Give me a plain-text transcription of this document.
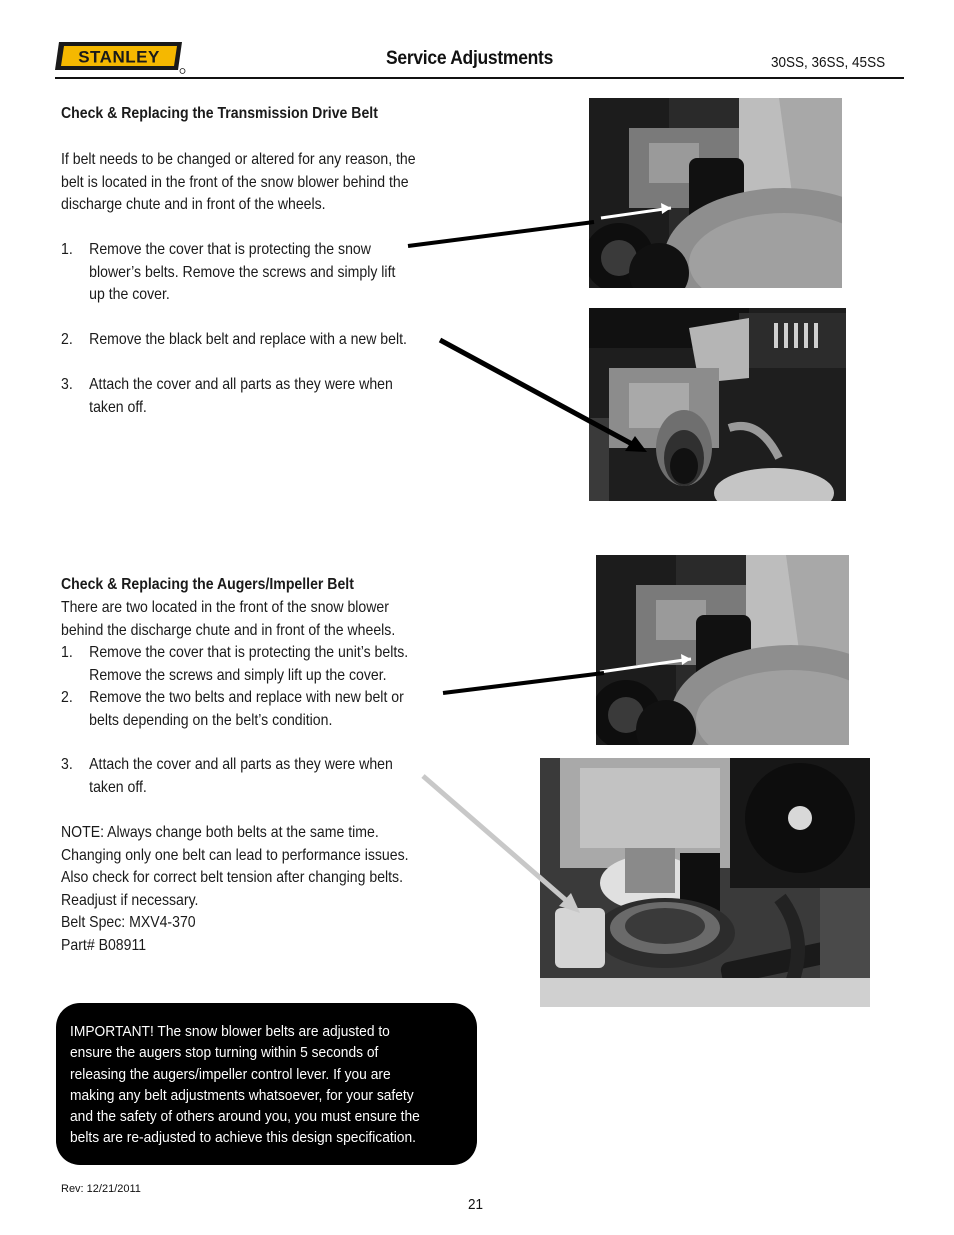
STANLEY	Service Adjustments	30SS, 36SS, 45SS
Check & Replacing the Transmission Drive Belt
If belt needs to be changed or altered for any reason, the
belt is located in the front of the snow blower behind the
discharge chute and in front of the wheels.
1. Remove the cover that is protecting the snow
blower’s belts. Remove the screws and simply lift
up the cover.
2. Remove the black belt and replace with a new belt.
3. Attach the cover and all parts as they were when
taken off.
Check & Replacing the Augers/Impeller Belt
There are two located in the front of the snow blower
behind the discharge chute and in front of the wheels.
1. Remove the cover that is protecting the unit’s belts.
Remove the screws and simply lift up the cover.
2. Remove the two belts and replace with new belt or
belts depending on the belt’s condition.
3. Attach the cover and all parts as they were when
taken off.
NOTE: Always change both belts at the same time.
Changing only one belt can lead to performance issues.
Also check for correct belt tension after changing belts.
Readjust if necessary.
Belt Spec: MXV4-370
Part# B08911

IMPORTANT! The snow blower belts are adjusted to

ensure the augers stop turning within 5 seconds of

releasing the augers/impeller control lever. If you are

making any belt adjustments whatsoever, for your safety

and the safety of others around you, you must ensure the

belts are re-adjusted to achieve this design specification.

Rev: 12/21/2011
21
